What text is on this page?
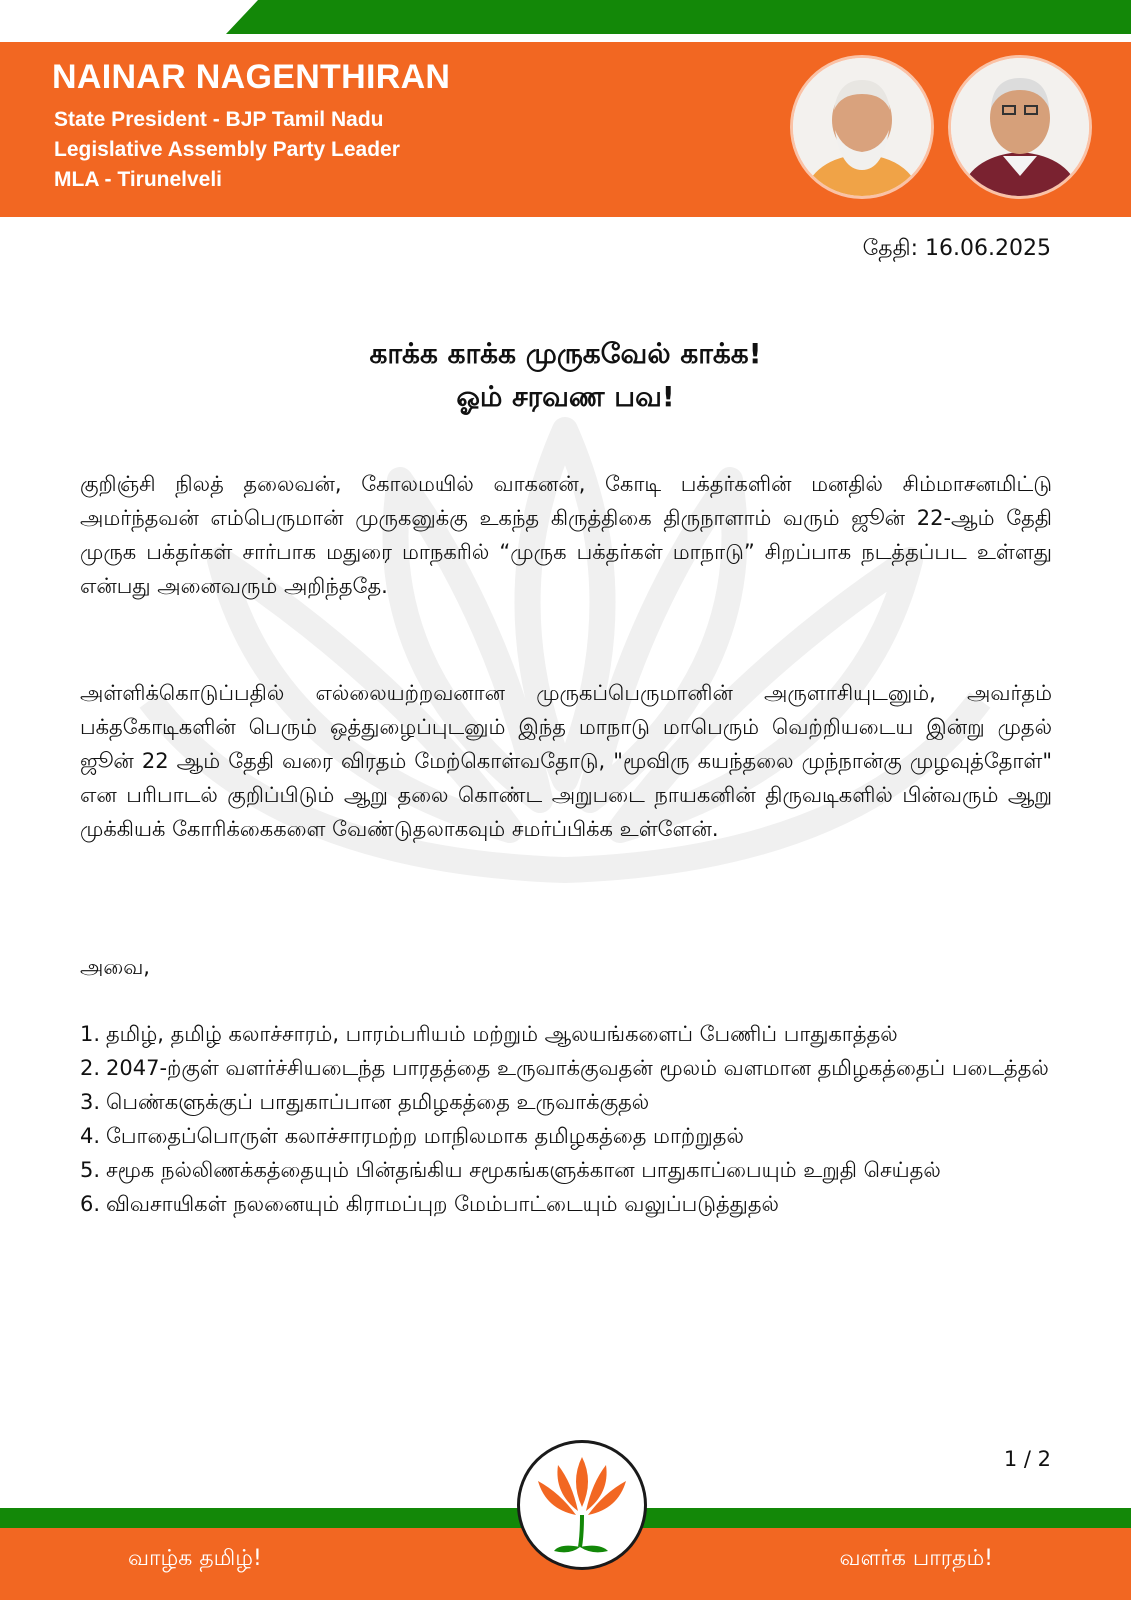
NAINAR NAGENTHIRAN
State President - BJP Tamil Nadu
Legislative Assembly Party Leader
MLA - Tirunelveli
தேதி: 16.06.2025
காக்க காக்க முருகவேல் காக்க!
ஓம் சரவண பவ!

குறிஞ்சி நிலத் தலைவன், கோலமயில் வாகனன், கோடி பக்தர்களின் மனதில் சிம்மாசனமிட்டு அமர்ந்தவன் எம்பெருமான் முருகனுக்கு உகந்த கிருத்திகை திருநாளாம் வரும் ஜூன் 22-ஆம் தேதி முருக பக்தர்கள் சார்பாக மதுரை மாநகரில் “முருக பக்தர்கள் மாநாடு” சிறப்பாக நடத்தப்பட உள்ளது என்பது அனைவரும் அறிந்ததே.

அள்ளிக்கொடுப்பதில் எல்லையற்றவனான முருகப்பெருமானின் அருளாசியுடனும், அவர்தம் பக்தகோடிகளின் பெரும் ஒத்துழைப்புடனும் இந்த மாநாடு மாபெரும் வெற்றியடைய இன்று முதல் ஜூன் 22 ஆம் தேதி வரை விரதம் மேற்கொள்வதோடு, "மூவிரு கயந்தலை முந்நான்கு முழவுத்தோள்" என பரிபாடல் குறிப்பிடும் ஆறு தலை கொண்ட அறுபடை நாயகனின் திருவடிகளில் பின்வரும் ஆறு முக்கியக் கோரிக்கைகளை வேண்டுதலாகவும் சமர்ப்பிக்க உள்ளேன்.

அவை,

1. தமிழ், தமிழ் கலாச்சாரம், பாரம்பரியம் மற்றும் ஆலயங்களைப் பேணிப் பாதுகாத்தல்
2. 2047-ற்குள் வளர்ச்சியடைந்த பாரதத்தை உருவாக்குவதன் மூலம் வளமான தமிழகத்தைப் படைத்தல்
3. பெண்களுக்குப் பாதுகாப்பான தமிழகத்தை உருவாக்குதல்
4. போதைப்பொருள் கலாச்சாரமற்ற மாநிலமாக தமிழகத்தை மாற்றுதல்
5. சமூக நல்லிணக்கத்தையும் பின்தங்கிய சமூகங்களுக்கான பாதுகாப்பையும் உறுதி செய்தல்
6. விவசாயிகள் நலனையும் கிராமப்புற மேம்பாட்டையும் வலுப்படுத்துதல்
1 / 2
வாழ்க தமிழ்!	வளர்க பாரதம்!
